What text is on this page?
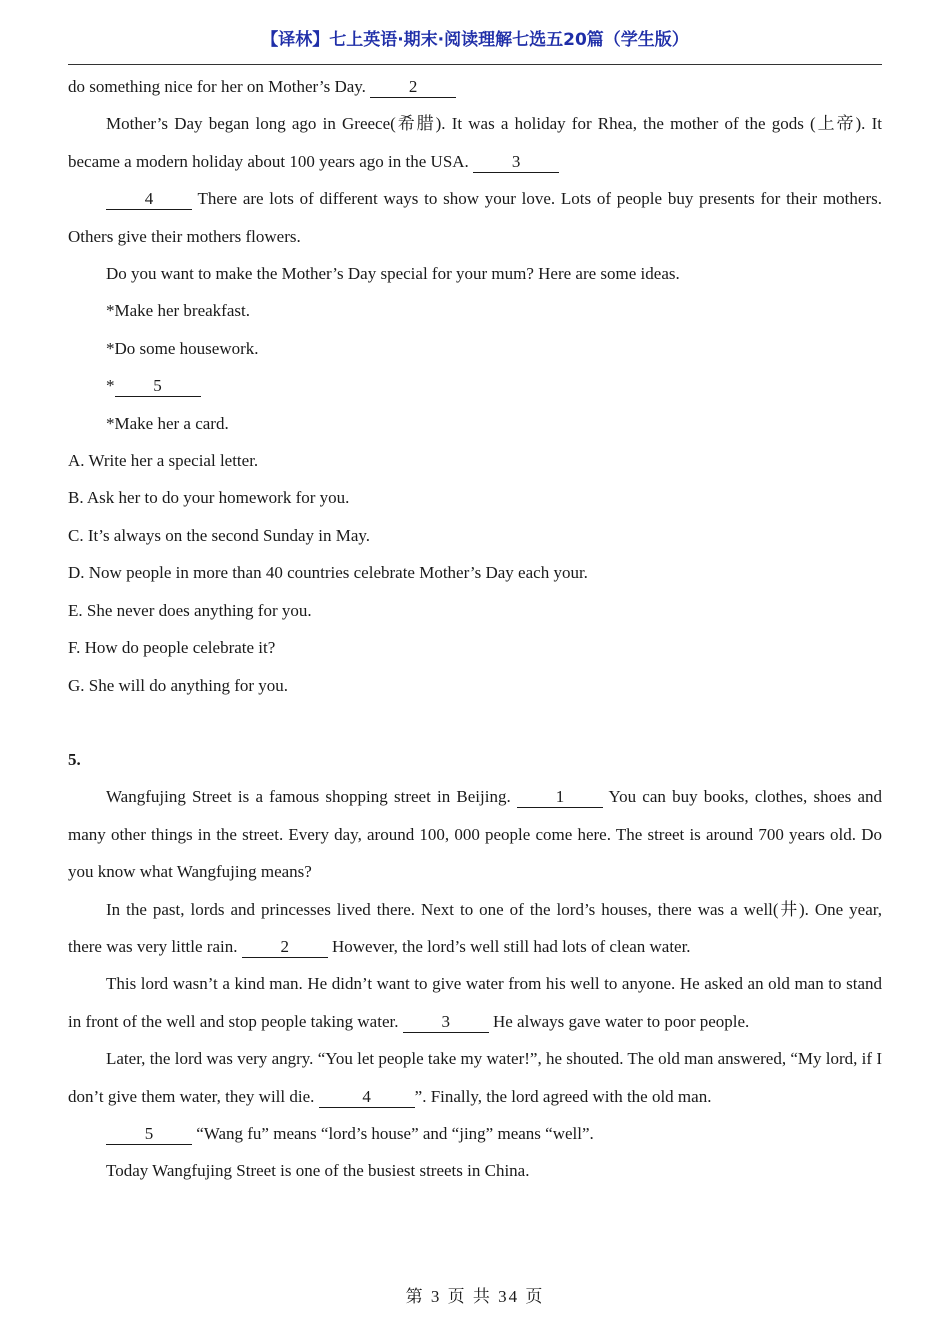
【译林】七上英语·期末·阅读理解七选五20篇（学生版）

do something nice for her on Mother’s Day.	2

Mother’s Day began long ago in Greece(希腊). It was a holiday for Rhea, the mother of the gods (上帝). It became a modern holiday about 100 years ago in the USA.	3

4	There are lots of different ways to show your love. Lots of people buy presents for their mothers. Others give their mothers flowers.

Do you want to make the Mother’s Day special for your mum? Here are some ideas.

*Make her breakfast.

*Do some housework.

* 5

*Make her a card.

A. Write her a special letter.

B. Ask her to do your homework for you.

C. It’s always on the second Sunday in May.

D. Now people in more than 40 countries celebrate Mother’s Day each your.

E. She never does anything for you.

F. How do people celebrate it?

G. She will do anything for you.

5.

Wangfujing Street is a famous shopping street in Beijing.	1	You can buy books, clothes, shoes and many other things in the street. Every day, around 100, 000 people come here. The street is around 700 years old. Do you know what Wangfujing means?

In the past, lords and princesses lived there. Next to one of the lord’s houses, there was a well(井). One year, there was very little rain.	2	However, the lord’s well still had lots of clean water.

This lord wasn’t a kind man. He didn’t want to give water from his well to anyone. He asked an old man to stand in front of the well and stop people taking water.	3	He always gave water to poor people.

Later, the lord was very angry. “You let people take my water!”, he shouted. The old man answered, “My lord, if I don’t give them water, they will die.	4	”. Finally, the lord agreed with the old man.

5	“Wang fu” means “lord’s house” and “jing” means “well”.

Today Wangfujing Street is one of the busiest streets in China.

第 3 页 共 34 页
